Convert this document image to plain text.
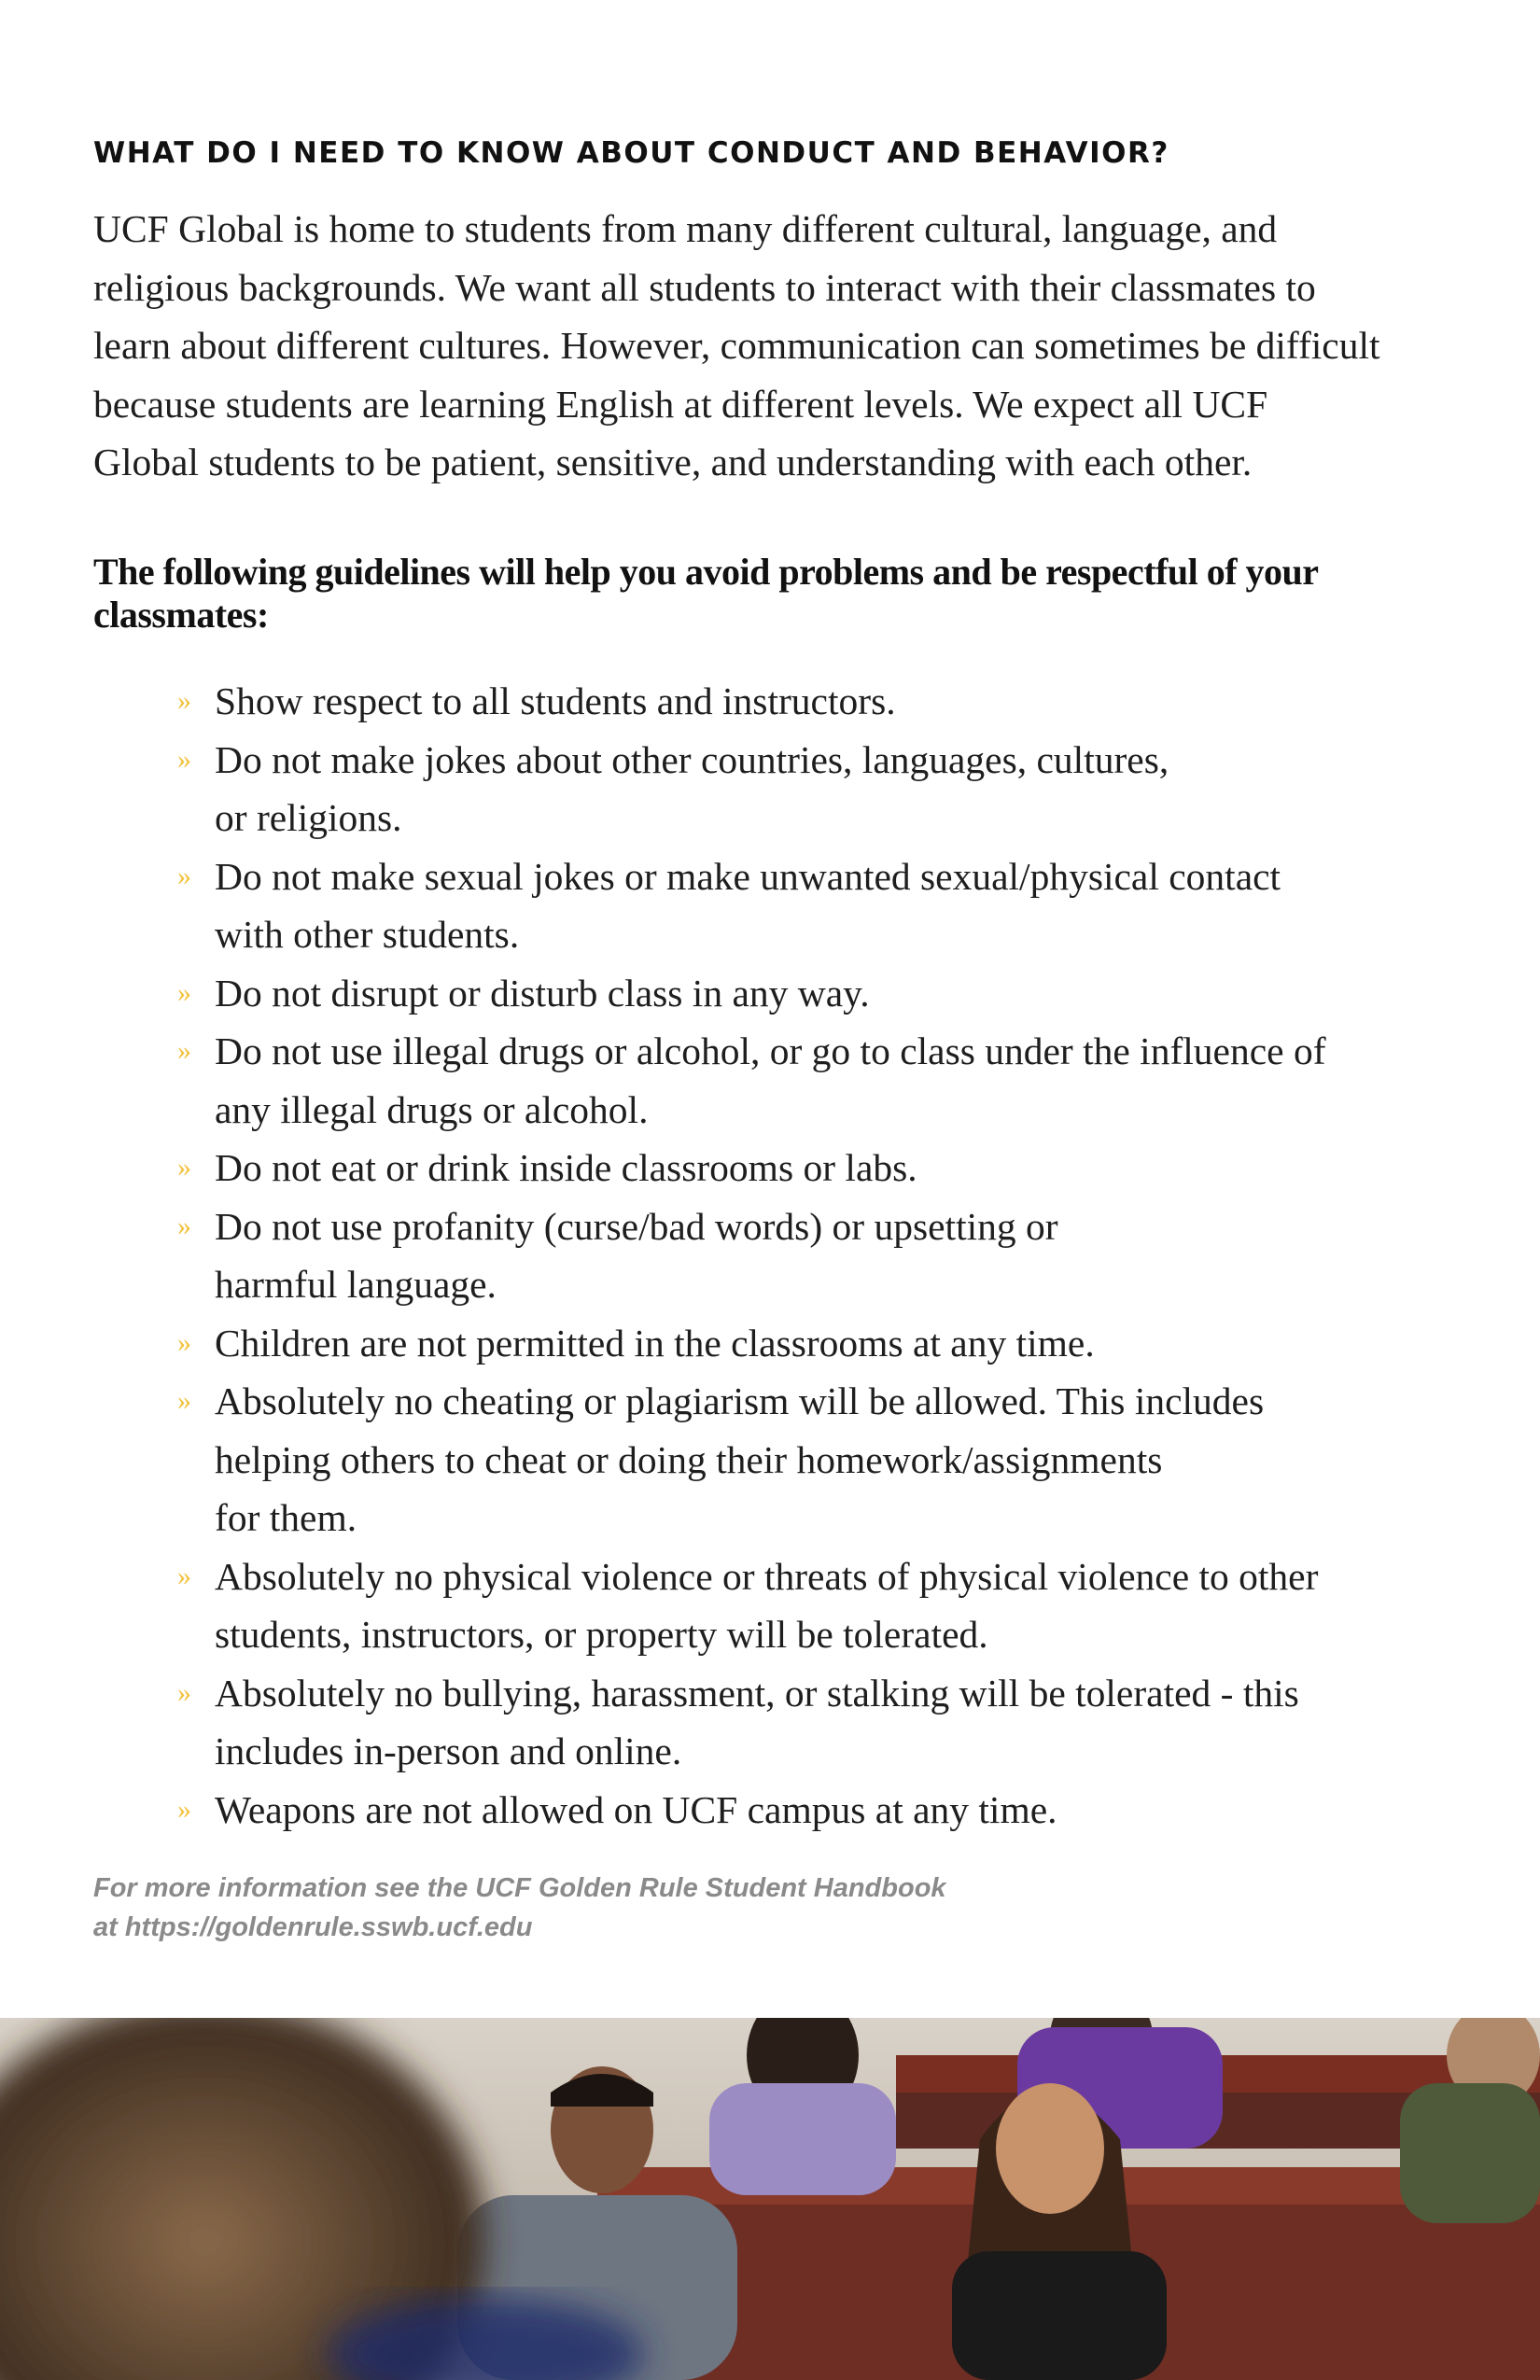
WHAT DO I NEED TO KNOW ABOUT CONDUCT AND BEHAVIOR?
UCF Global is home to students from many different cultural, language, and
religious backgrounds. We want all students to interact with their classmates to
learn about different cultures. However, communication can sometimes be difficult
because students are learning English at different levels. We expect all UCF
Global students to be patient, sensitive, and understanding with each other.
The following guidelines will help you avoid problems and be respectful of your
classmates:
» Show respect to all students and instructors.
» Do not make jokes about other countries, languages, cultures,
or religions.
» Do not make sexual jokes or make unwanted sexual/physical contact
with other students.
» Do not disrupt or disturb class in any way.
» Do not use illegal drugs or alcohol, or go to class under the influence of
any illegal drugs or alcohol.
» Do not eat or drink inside classrooms or labs.
» Do not use profanity (curse/bad words) or upsetting or
harmful language.
» Children are not permitted in the classrooms at any time.
» Absolutely no cheating or plagiarism will be allowed. This includes
helping others to cheat or doing their homework/assignments
for them.
» Absolutely no physical violence or threats of physical violence to other
students, instructors, or property will be tolerated.
» Absolutely no bullying, harassment, or stalking will be tolerated - this
includes in-person and online.
» Weapons are not allowed on UCF campus at any time.
For more information see the UCF Golden Rule Student Handbook
at https://goldenrule.sswb.ucf.edu
